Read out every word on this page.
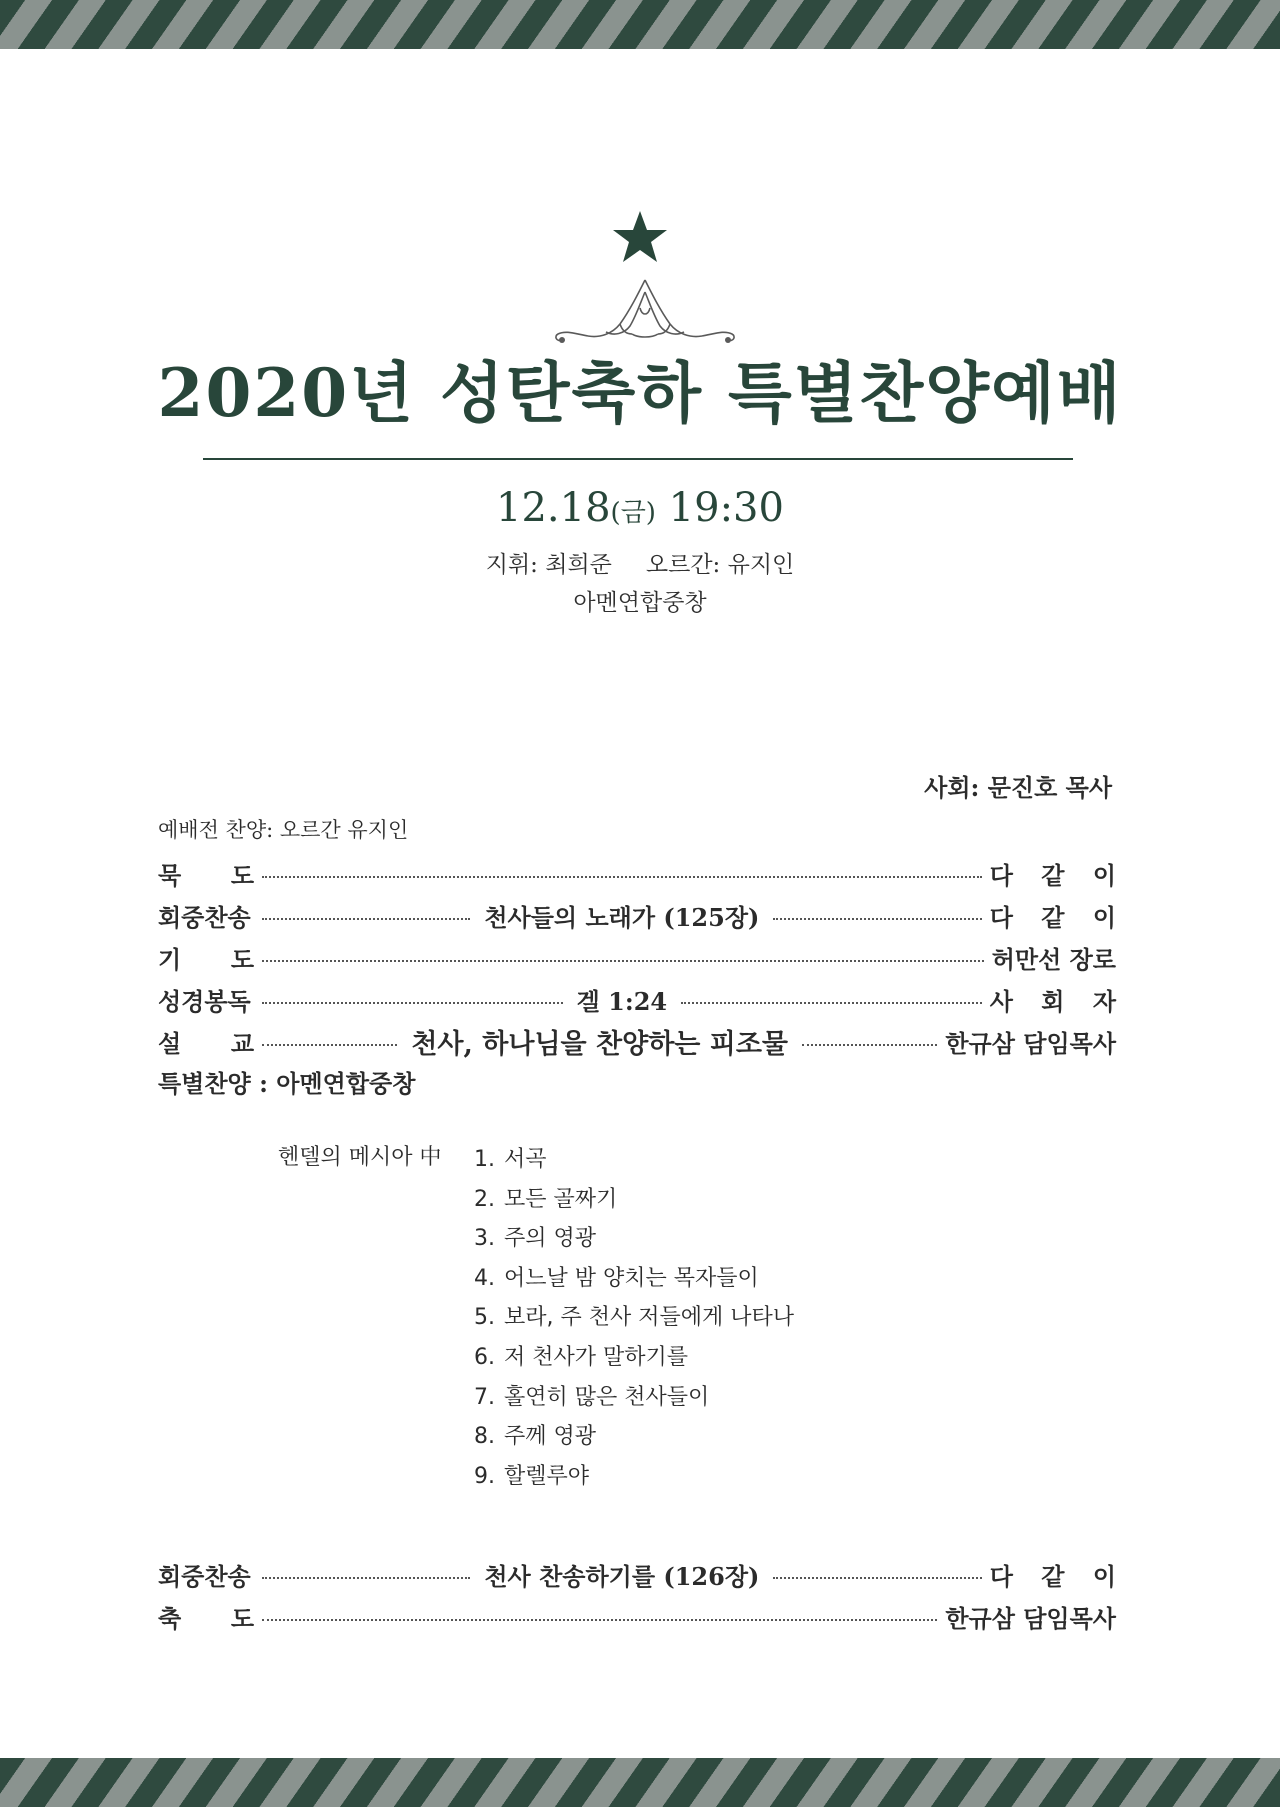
2020년 성탄축하 특별찬양예배
12.18(금) 19:30
지휘: 최희준 오르간: 유지인
아멘연합중창
사회: 문진호 목사
예배전 찬양: 오르간 유지인
묵 도	다 같 이
회중찬송	천사들의 노래가 (125장)	다 같 이
기 도	허만선 장로
성경봉독	겔 1:24	사 회 자
설 교	천사, 하나님을 찬양하는 피조물	한규삼 담임목사
특별찬양 : 아멘연합중창
헨델의 메시아 中 1. 서곡
2. 모든 골짜기
3. 주의 영광
4. 어느날 밤 양치는 목자들이
5. 보라, 주 천사 저들에게 나타나
6. 저 천사가 말하기를
7. 홀연히 많은 천사들이
8. 주께 영광
9. 할렐루야
회중찬송	천사 찬송하기를 (126장)	다 같 이
축 도	한규삼 담임목사
